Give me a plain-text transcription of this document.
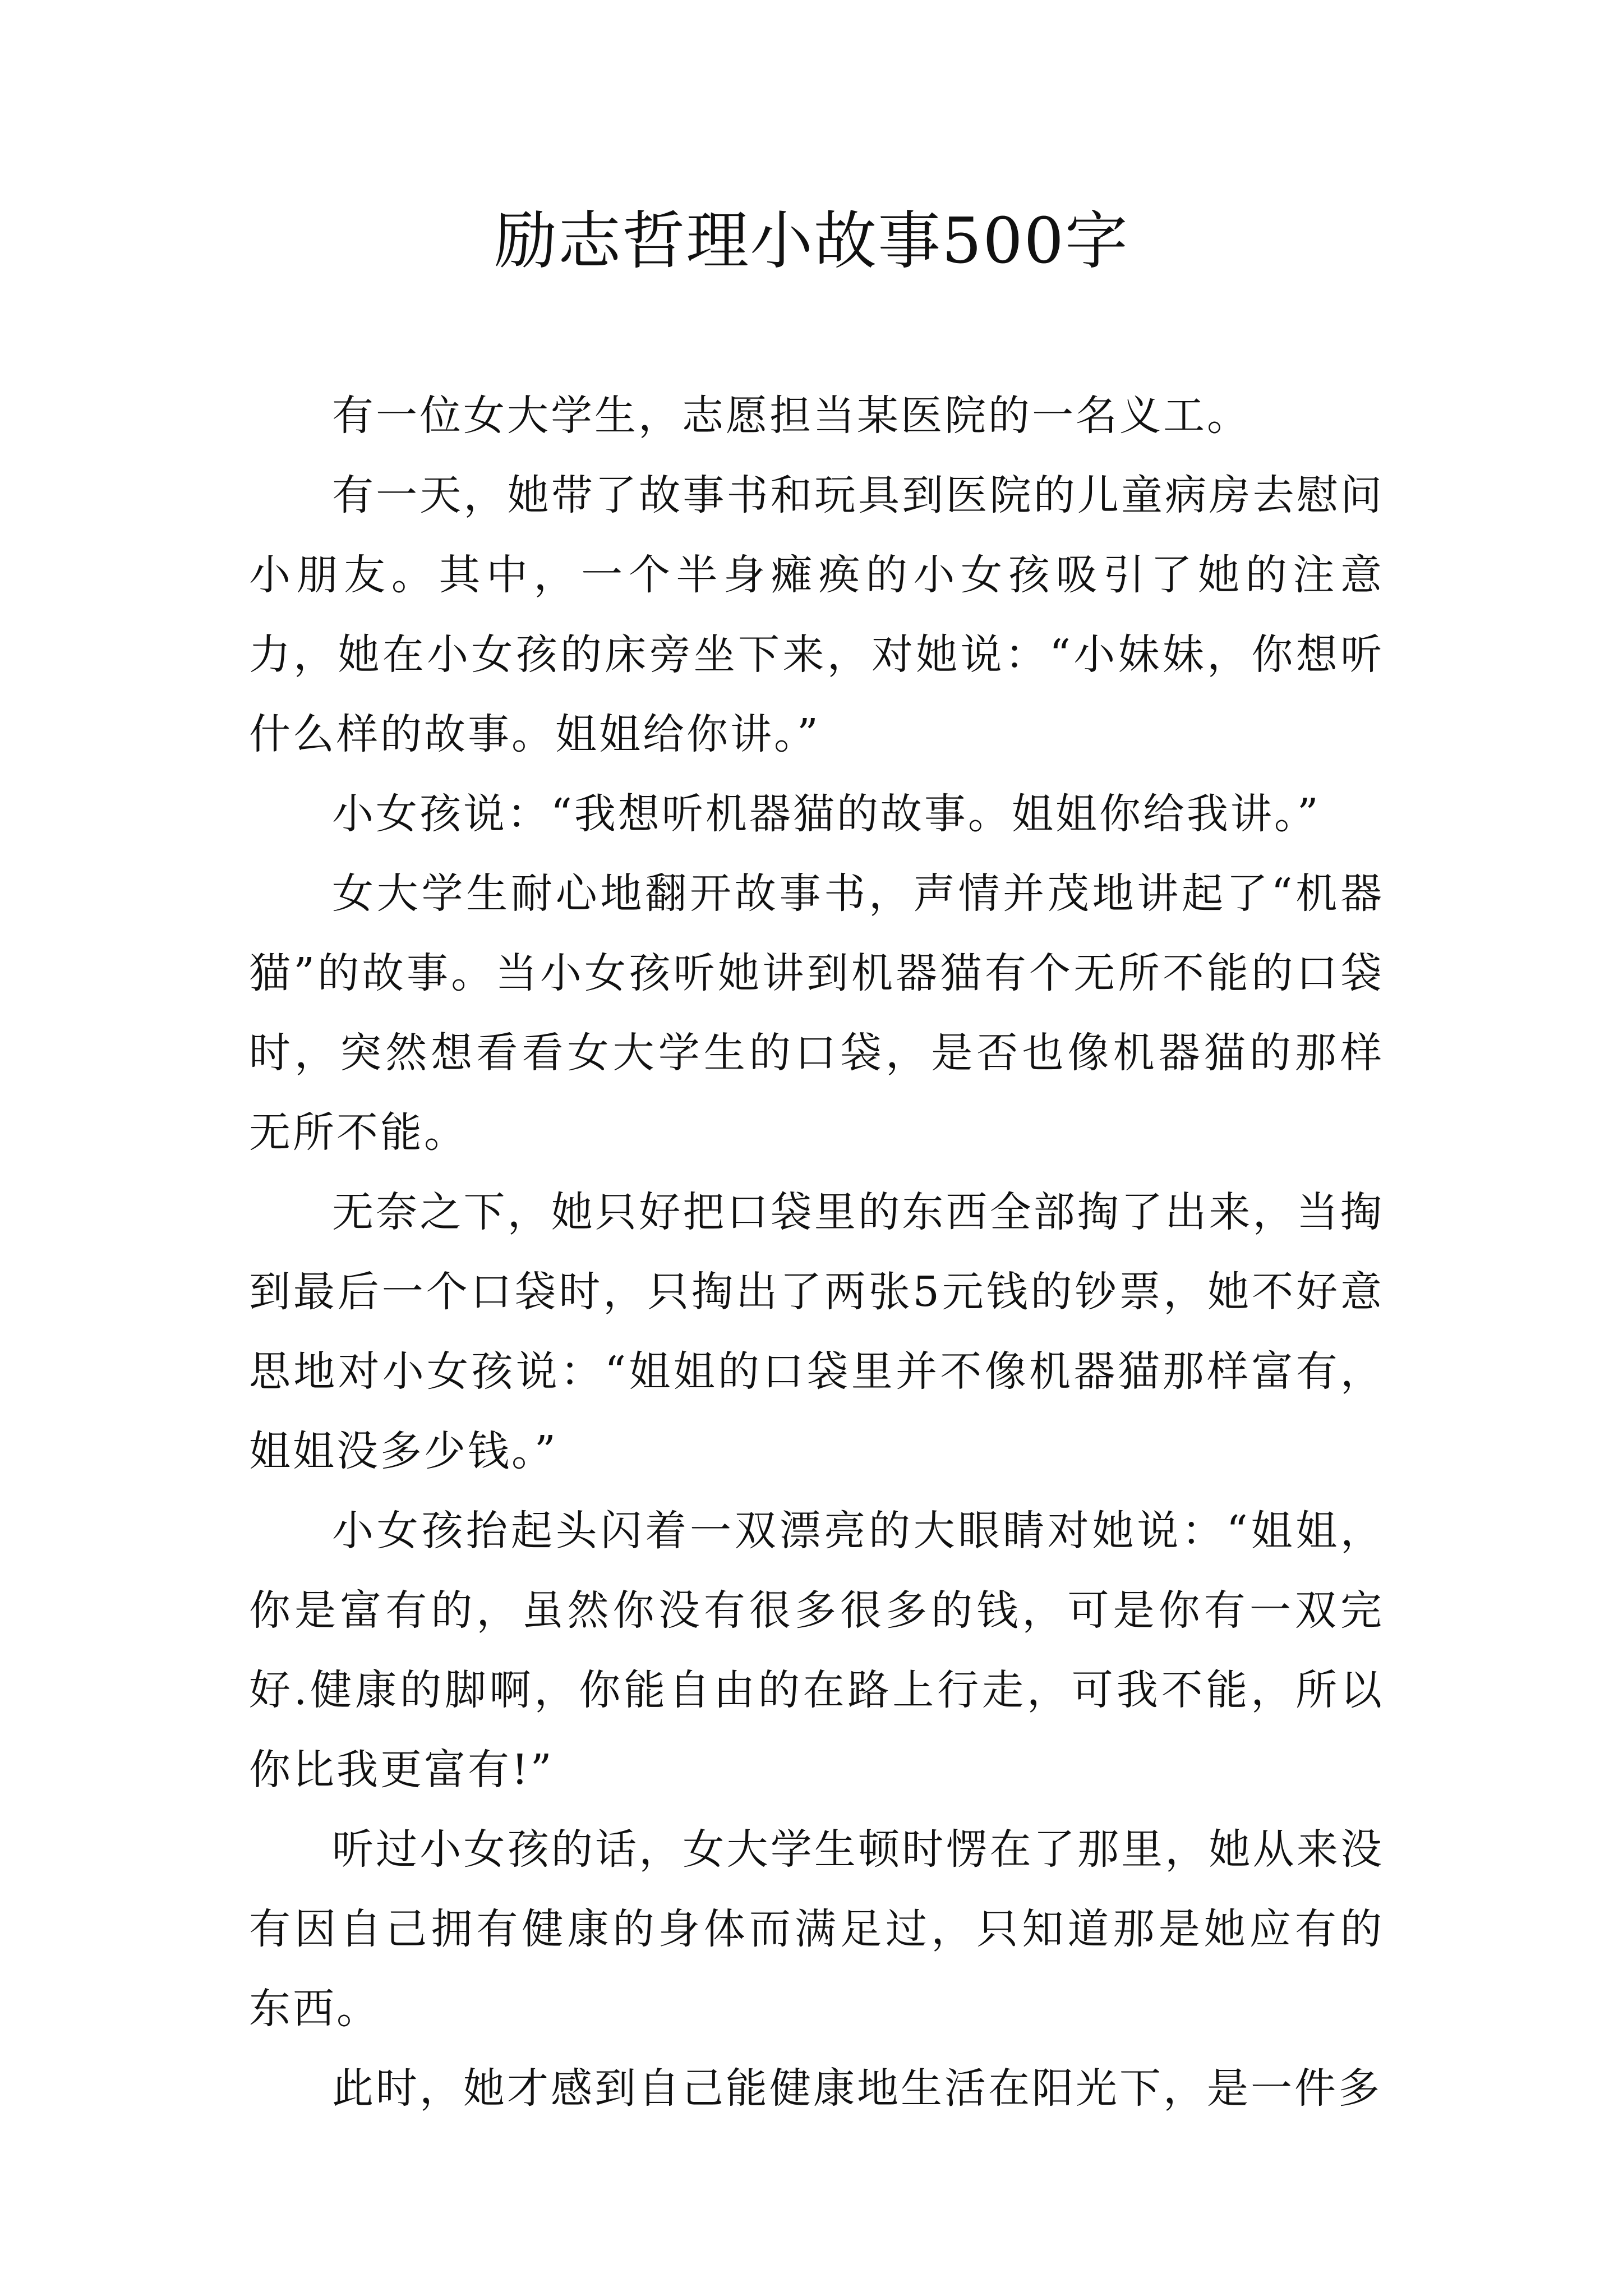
励志哲理小故事500字

有一位女大学生，志愿担当某医院的一名义工。

有一天，她带了故事书和玩具到医院的儿童病房去慰问小朋友。其中，一个半身瘫痪的小女孩吸引了她的注意力，她在小女孩的床旁坐下来，对她说：“小妹妹，你想听什么样的故事。姐姐给你讲。”

小女孩说：“我想听机器猫的故事。姐姐你给我讲。”

女大学生耐心地翻开故事书，声情并茂地讲起了“机器猫”的故事。当小女孩听她讲到机器猫有个无所不能的口袋时，突然想看看女大学生的口袋，是否也像机器猫的那样无所不能。

无奈之下，她只好把口袋里的东西全部掏了出来，当掏到最后一个口袋时，只掏出了两张5元钱的钞票，她不好意思地对小女孩说：“姐姐的口袋里并不像机器猫那样富有，姐姐没多少钱。”

小女孩抬起头闪着一双漂亮的大眼睛对她说：“姐姐，你是富有的，虽然你没有很多很多的钱，可是你有一双完好.健康的脚啊，你能自由的在路上行走，可我不能，所以你比我更富有!”

听过小女孩的话，女大学生顿时愣在了那里，她从来没有因自己拥有健康的身体而满足过，只知道那是她应有的东西。

此时，她才感到自己能健康地生活在阳光下，是一件多
